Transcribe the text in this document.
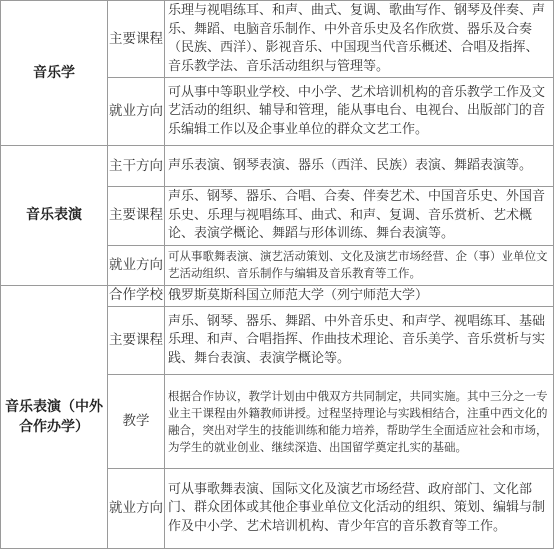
音乐学	主要课程	乐理与视唱练耳、和声、曲式、复调、歌曲写作、钢琴及伴奏、声乐、舞蹈、电脑音乐制作、中外音乐史及名作欣赏、器乐及合奏（民族、西洋）、影视音乐、中国现当代音乐概述、合唱及指挥、音乐教学法、音乐活动组织与管理等。
	就业方向	可从事中等职业学校、中小学、艺术培训机构的音乐教学工作及文艺活动的组织、辅导和管理，能从事电台、电视台、出版部门的音乐编辑工作以及企事业单位的群众文艺工作。
音乐表演	主干方向	声乐表演、钢琴表演、器乐（西洋、民族）表演、舞蹈表演等。
	主要课程	声乐、钢琴、器乐、合唱、合奏、伴奏艺术、中国音乐史、外国音乐史、乐理与视唱练耳、曲式、和声、复调、音乐赏析、艺术概论、表演学概论、舞蹈与形体训练、舞台表演等。
	就业方向	可从事歌舞表演、演艺活动策划、文化及演艺市场经营、企（事）业单位文艺活动组织、音乐制作与编辑及音乐教育等工作。
音乐表演（中外合作办学）	合作学校	俄罗斯莫斯科国立师范大学（列宁师范大学）
	主要课程	声乐、钢琴、器乐、舞蹈、中外音乐史、和声学、视唱练耳、基础乐理、和声、合唱指挥、作曲技术理论、音乐美学、音乐赏析与实践、舞台表演、表演学概论等。
	教学	根据合作协议，教学计划由中俄双方共同制定，共同实施。其中三分之一专业主干课程由外籍教师讲授。过程坚持理论与实践相结合，注重中西文化的融合，突出对学生的技能训练和能力培养，帮助学生全面适应社会和市场，为学生的就业创业、继续深造、出国留学奠定扎实的基础。
	就业方向	可从事歌舞表演、国际文化及演艺市场经营、政府部门、文化部门、群众团体或其他企事业单位文化活动的组织、策划、编辑与制作及中小学、艺术培训机构、青少年宫的音乐教育等工作。
